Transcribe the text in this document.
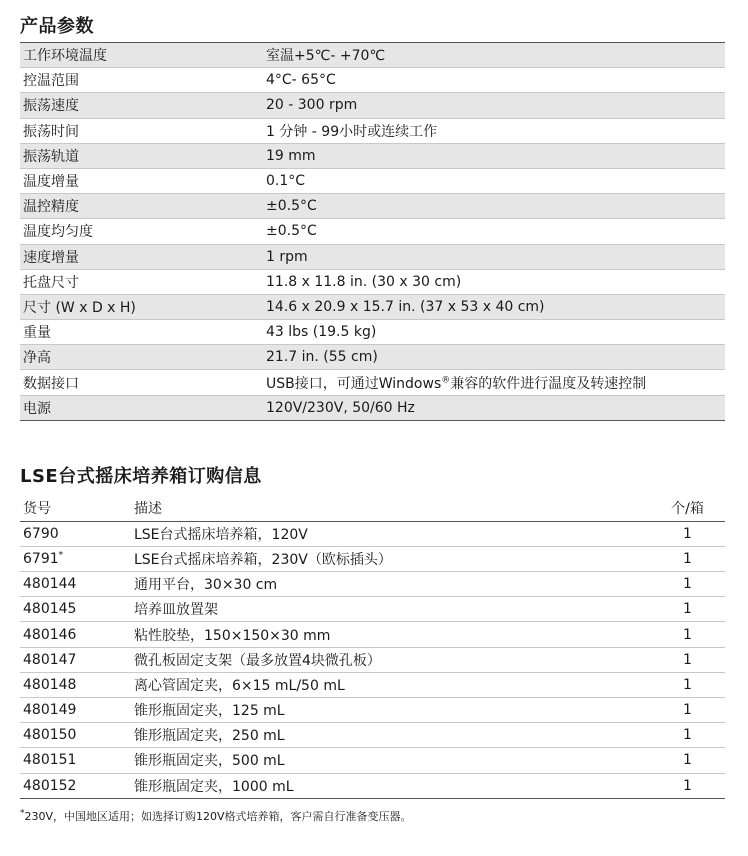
产品参数
工作环境温度	室温+5℃- +70℃
控温范围	4°C- 65°C
振荡速度	20 - 300 rpm
振荡时间	1 分钟 - 99小时或连续工作
振荡轨道	19 mm
温度增量	0.1°C
温控精度	±0.5°C
温度均匀度	±0.5°C
速度增量	1 rpm
托盘尺寸	11.8 x 11.8 in. (30 x 30 cm)
尺寸 (W x D x H)	14.6 x 20.9 x 15.7 in. (37 x 53 x 40 cm)
重量	43 lbs (19.5 kg)
净高	21.7 in. (55 cm)
数据接口	USB接口，可通过Windows®兼容的软件进行温度及转速控制
电源	120V/230V, 50/60 Hz
LSE台式摇床培养箱订购信息
货号	描述	个/箱
6790	LSE台式摇床培养箱，120V	1
6791*	LSE台式摇床培养箱，230V（欧标插头）	1
480144	通用平台，30×30 cm	1
480145	培养皿放置架	1
480146	粘性胶垫，150×150×30 mm	1
480147	微孔板固定支架（最多放置4块微孔板）	1
480148	离心管固定夹，6×15 mL/50 mL	1
480149	锥形瓶固定夹，125 mL	1
480150	锥形瓶固定夹，250 mL	1
480151	锥形瓶固定夹，500 mL	1
480152	锥形瓶固定夹，1000 mL	1

*230V，中国地区适用；如选择订购120V格式培养箱，客户需自行准备变压器。
